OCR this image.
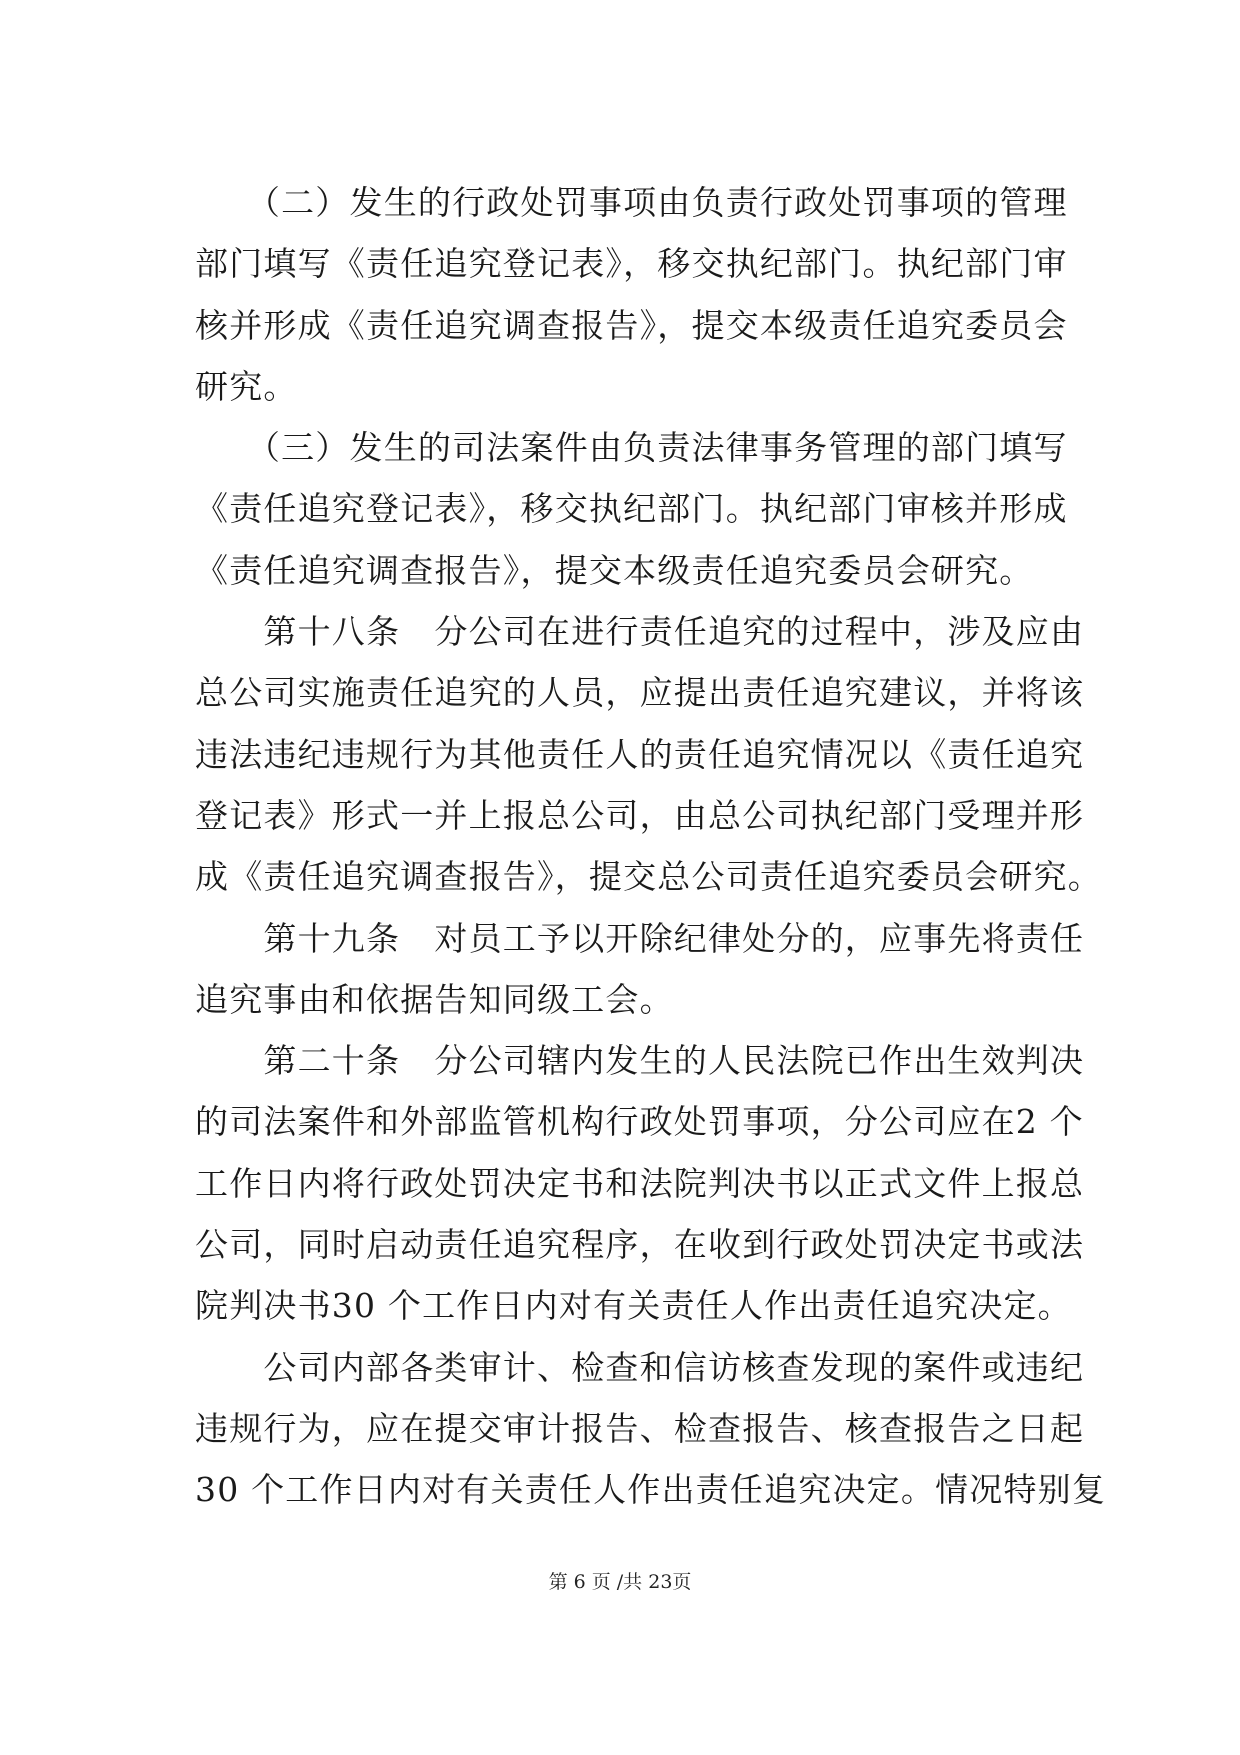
　　（二）发生的行政处罚事项由负责行政处罚事项的管理
部门填写《责任追究登记表》，移交执纪部门。执纪部门审
核并形成《责任追究调查报告》，提交本级责任追究委员会
研究。
　　（三）发生的司法案件由负责法律事务管理的部门填写
《责任追究登记表》，移交执纪部门。执纪部门审核并形成
《责任追究调查报告》，提交本级责任追究委员会研究。
　　第十八条　分公司在进行责任追究的过程中，涉及应由
总公司实施责任追究的人员，应提出责任追究建议，并将该
违法违纪违规行为其他责任人的责任追究情况以《责任追究
登记表》形式一并上报总公司，由总公司执纪部门受理并形
成《责任追究调查报告》，提交总公司责任追究委员会研究。
　　第十九条　对员工予以开除纪律处分的，应事先将责任
追究事由和依据告知同级工会。
　　第二十条　分公司辖内发生的人民法院已作出生效判决
的司法案件和外部监管机构行政处罚事项，分公司应在2 个
工作日内将行政处罚决定书和法院判决书以正式文件上报总
公司，同时启动责任追究程序，在收到行政处罚决定书或法
院判决书30 个工作日内对有关责任人作出责任追究决定。
　　公司内部各类审计、检查和信访核查发现的案件或违纪
违规行为，应在提交审计报告、检查报告、核查报告之日起
30 个工作日内对有关责任人作出责任追究决定。情况特别复
第 6 页 /共 23页
